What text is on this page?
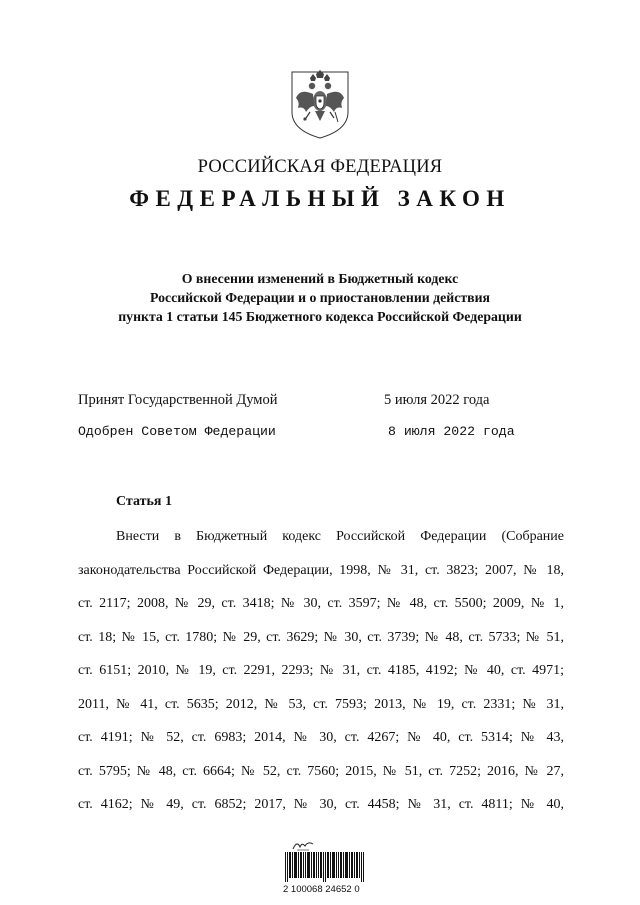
РОССИЙСКАЯ ФЕДЕРАЦИЯ
ФЕДЕРАЛЬНЫЙ ЗАКОН
О внесении изменений в Бюджетный кодекс
Российской Федерации и о приостановлении действия
пункта 1 статьи 145 Бюджетного кодекса Российской Федерации
Принят Государственной Думой	5 июля 2022 года
Одобрен Советом Федерации	8 июля 2022 года
Статья 1
Внести в Бюджетный кодекс Российской Федерации (Собрание
законодательства Российской Федерации, 1998, № 31, ст. 3823; 2007, № 18,
ст. 2117; 2008, № 29, ст. 3418; № 30, ст. 3597; № 48, ст. 5500; 2009, № 1,
ст. 18; № 15, ст. 1780; № 29, ст. 3629; № 30, ст. 3739; № 48, ст. 5733; № 51,
ст. 6151; 2010, № 19, ст. 2291, 2293; № 31, ст. 4185, 4192; № 40, ст. 4971;
2011, № 41, ст. 5635; 2012, № 53, ст. 7593; 2013, № 19, ст. 2331; № 31,
ст. 4191; № 52, ст. 6983; 2014, № 30, ст. 4267; № 40, ст. 5314; № 43,
ст. 5795; № 48, ст. 6664; № 52, ст. 7560; 2015, № 51, ст. 7252; 2016, № 27,
ст. 4162; № 49, ст. 6852; 2017, № 30, ст. 4458; № 31, ст. 4811; № 40,
2 100068 24652 0
